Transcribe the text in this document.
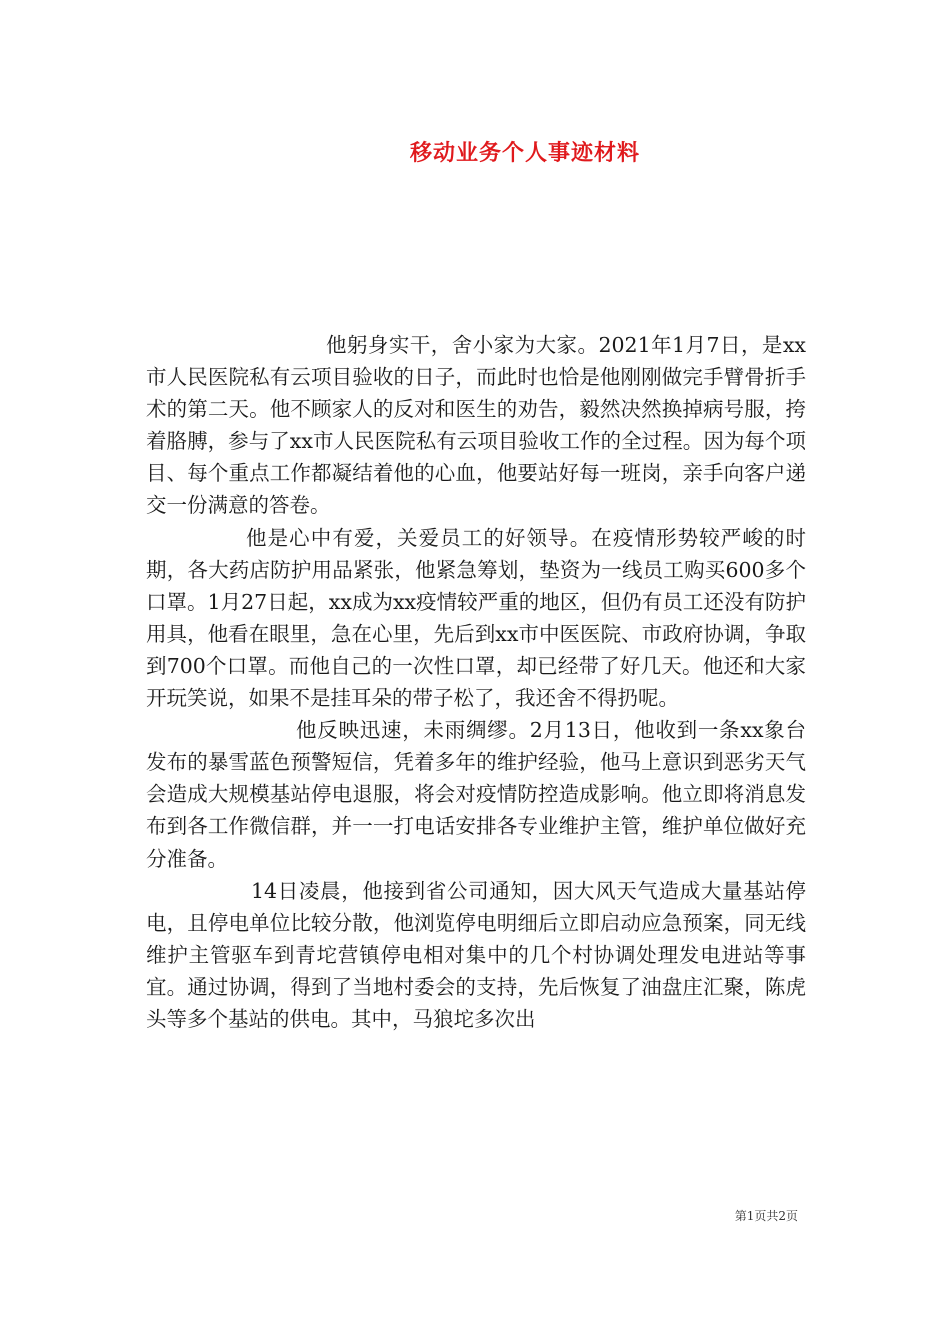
移动业务个人事迹材料

他躬身实干，舍小家为大家。2021年1月7日，是xx市人民医院私有云项目验收的日子，而此时也恰是他刚刚做完手臂骨折手术的第二天。他不顾家人的反对和医生的劝告，毅然决然换掉病号服，挎着胳膊，参与了xx市人民医院私有云项目验收工作的全过程。因为每个项目、每个重点工作都凝结着他的心血，他要站好每一班岗，亲手向客户递交一份满意的答卷。

他是心中有爱，关爱员工的好领导。在疫情形势较严峻的时期，各大药店防护用品紧张，他紧急筹划，垫资为一线员工购买600多个口罩。1月27日起，xx成为xx疫情较严重的地区，但仍有员工还没有防护用具，他看在眼里，急在心里，先后到xx市中医医院、市政府协调，争取到700个口罩。而他自己的一次性口罩，却已经带了好几天。他还和大家开玩笑说，如果不是挂耳朵的带子松了，我还舍不得扔呢。

他反映迅速，未雨绸缪。2月13日，他收到一条xx象台发布的暴雪蓝色预警短信，凭着多年的维护经验，他马上意识到恶劣天气会造成大规模基站停电退服，将会对疫情防控造成影响。他立即将消息发布到各工作微信群，并一一打电话安排各专业维护主管，维护单位做好充分准备。

14日凌晨，他接到省公司通知，因大风天气造成大量基站停电，且停电单位比较分散，他浏览停电明细后立即启动应急预案，同无线维护主管驱车到青坨营镇停电相对集中的几个村协调处理发电进站等事宜。通过协调，得到了当地村委会的支持，先后恢复了油盘庄汇聚，陈虎头等多个基站的供电。其中，马狼坨多次出

第1页共2页
